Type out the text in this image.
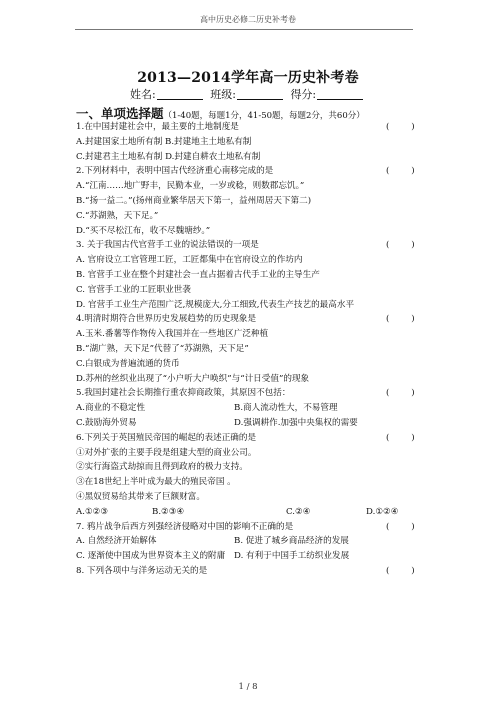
高中历史必修二历史补考卷
2013—2014学年高一历史补考卷
姓名:	班级:	得分:
一、单项选择题（1-40题，每题1分，41-50题，每题2分，共60分）
1.在中国封建社会中，最主要的土地制度是	(        )
A.封建国家土地所有制 B.封建地主土地私有制
C.封建君主土地私有制 D.封建自耕农土地私有制
2.下列材料中，表明中国古代经济重心南移完成的是	(        )
A.“江南……地广野丰，民勤本业，一岁或稔，则数郡忘饥。”
B.“扬一益二。”(扬州商业繁华居天下第一，益州周居天下第二)
C.“苏湖熟，天下足。”
D.“买不尽松江布，收不尽魏塘纱。”
3. 关于我国古代官营手工业的说法错误的一项是	(        )
A. 官府设立工官管理工匠，工匠都集中在官府设立的作坊内
B. 官营手工业在整个封建社会一直占据着古代手工业的主导生产
C. 官营手工业的工匠职业世袭
D. 官营手工业生产范围广泛,规模庞大,分工细致,代表生产技艺的最高水平
4.明清时期符合世界历史发展趋势的历史现象是	(        )
A.玉米.番薯等作物传入我国并在一些地区广泛种植
B.“湖广熟，天下足”代替了“苏湖熟，天下足”
C.白银成为普遍流通的货币
D.苏州的丝织业出现了“小户听大户唤织”与“计日受值”的现象
5.我国封建社会长期推行重农抑商政策，其原因不包括：	(        )
A.商业的不稳定性	B.商人流动性大，不易管理
C.鼓励海外贸易	D.强调耕作.加强中央集权的需要
6.下列关于英国殖民帝国的崛起的表述正确的是	(        )
①对外扩张的主要手段是组建大型的商业公司。
②实行海盗式劫掠而且得到政府的极力支持。
③在18世纪上半叶成为最大的殖民帝国 。
④黑奴贸易给其带来了巨额财富。
A.①②③	B.②③④	C.②④	D.①②④
7. 鸦片战争后西方列强经济侵略对中国的影响不正确的是	(        )
A. 自然经济开始解体	B. 促进了城乡商品经济的发展
C. 逐渐使中国成为世界资本主义的附庸 D. 有利于中国手工纺织业发展
8. 下列各项中与洋务运动无关的是	(        )
1 / 8
